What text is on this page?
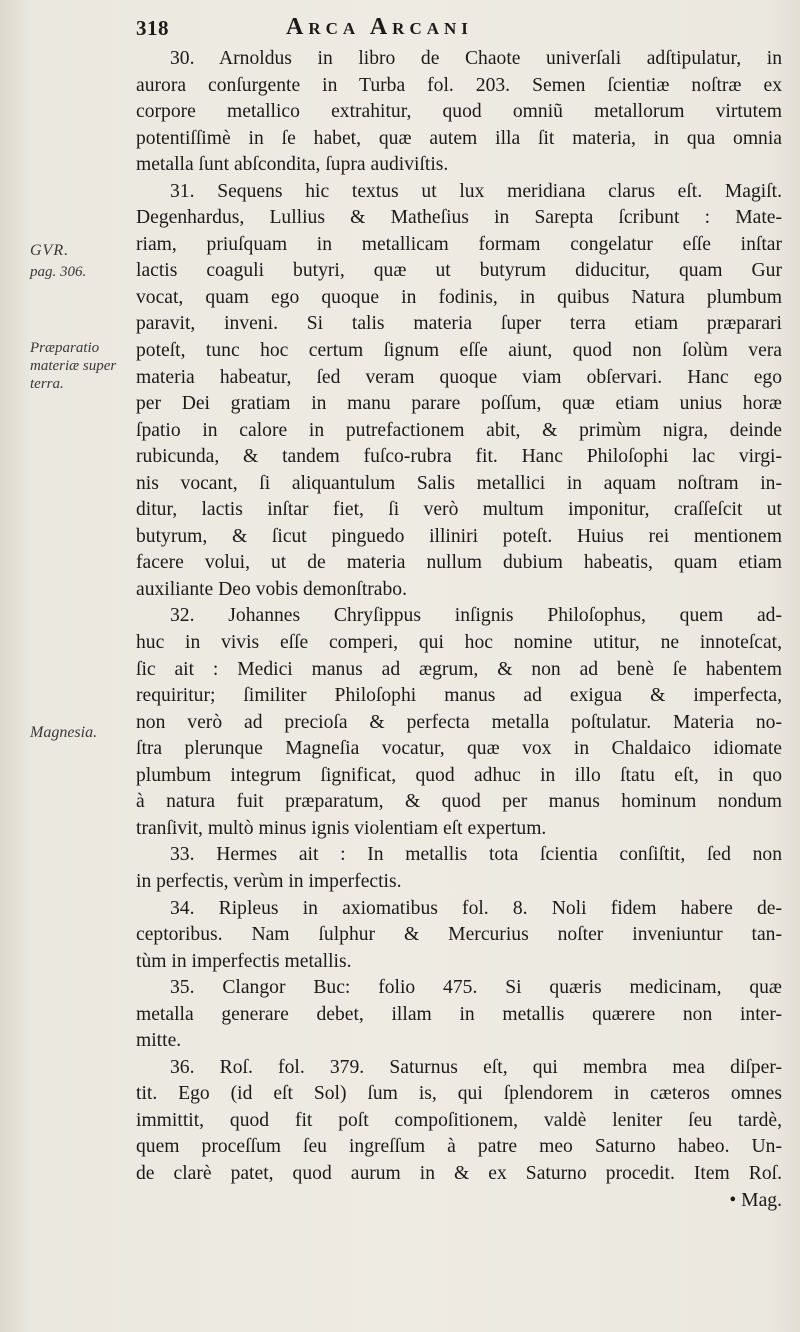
318	Arca Arcani
GVR.
pag. 306.
Præparatio
materiæ super
terra.
Magnesia.
30. Arnoldus in libro de Chaote univerſali adſtipulatur, in
aurora conſurgente in Turba fol. 203. Semen ſcientiæ noſtræ ex
corpore metallico extrahitur, quod omniũ metallorum virtutem
potentiſſimè in ſe habet, quæ autem illa ſit materia, in qua omnia
metalla ſunt abſcondita, ſupra audiviſtis.
31. Sequens hic textus ut lux meridiana clarus eſt. Magiſt.
Degenhardus, Lullius & Matheſius in Sarepta ſcribunt : Mate-
riam, priuſquam in metallicam formam congelatur eſſe inſtar
lactis coaguli butyri, quæ ut butyrum diducitur, quam Gur
vocat, quam ego quoque in fodinis, in quibus Natura plumbum
paravit, inveni. Si talis materia ſuper terra etiam præparari
poteſt, tunc hoc certum ſignum eſſe aiunt, quod non ſolùm vera
materia habeatur, ſed veram quoque viam obſervari. Hanc ego
per Dei gratiam in manu parare poſſum, quæ etiam unius horæ
ſpatio in calore in putrefactionem abit, & primùm nigra, deinde
rubicunda, & tandem fuſco-rubra fit. Hanc Philoſophi lac virgi-
nis vocant, ſi aliquantulum Salis metallici in aquam noſtram in-
ditur, lactis inſtar fiet, ſi verò multum imponitur, craſſeſcit ut
butyrum, & ſicut pinguedo illiniri poteſt. Huius rei mentionem
facere volui, ut de materia nullum dubium habeatis, quam etiam
auxiliante Deo vobis demonſtrabo.
32. Johannes Chryſippus inſignis Philoſophus, quem ad-
huc in vivis eſſe comperi, qui hoc nomine utitur, ne innoteſcat,
ſic ait : Medici manus ad ægrum, & non ad benè ſe habentem
requiritur; ſimiliter Philoſophi manus ad exigua & imperfecta,
non verò ad precioſa & perfecta metalla poſtulatur. Materia no-
ſtra plerunque Magneſia vocatur, quæ vox in Chaldaico idiomate
plumbum integrum ſignificat, quod adhuc in illo ſtatu eſt, in quo
à natura fuit præparatum, & quod per manus hominum nondum
tranſivit, multò minus ignis violentiam eſt expertum.
33. Hermes ait : In metallis tota ſcientia conſiſtit, ſed non
in perfectis, verùm in imperfectis.
34. Ripleus in axiomatibus fol. 8. Noli fidem habere de-
ceptoribus. Nam ſulphur & Mercurius noſter inveniuntur tan-
tùm in imperfectis metallis.
35. Clangor Buc: folio 475. Si quæris medicinam, quæ
metalla generare debet, illam in metallis quærere non inter-
mitte.
36. Roſ. fol. 379. Saturnus eſt, qui membra mea diſper-
tit. Ego (id eſt Sol) ſum is, qui ſplendorem in cæteros omnes
immittit, quod fit poſt compoſitionem, valdè leniter ſeu tardè,
quem proceſſum ſeu ingreſſum à patre meo Saturno habeo. Un-
de clarè patet, quod aurum in & ex Saturno procedit. Item Roſ.
• Mag.
